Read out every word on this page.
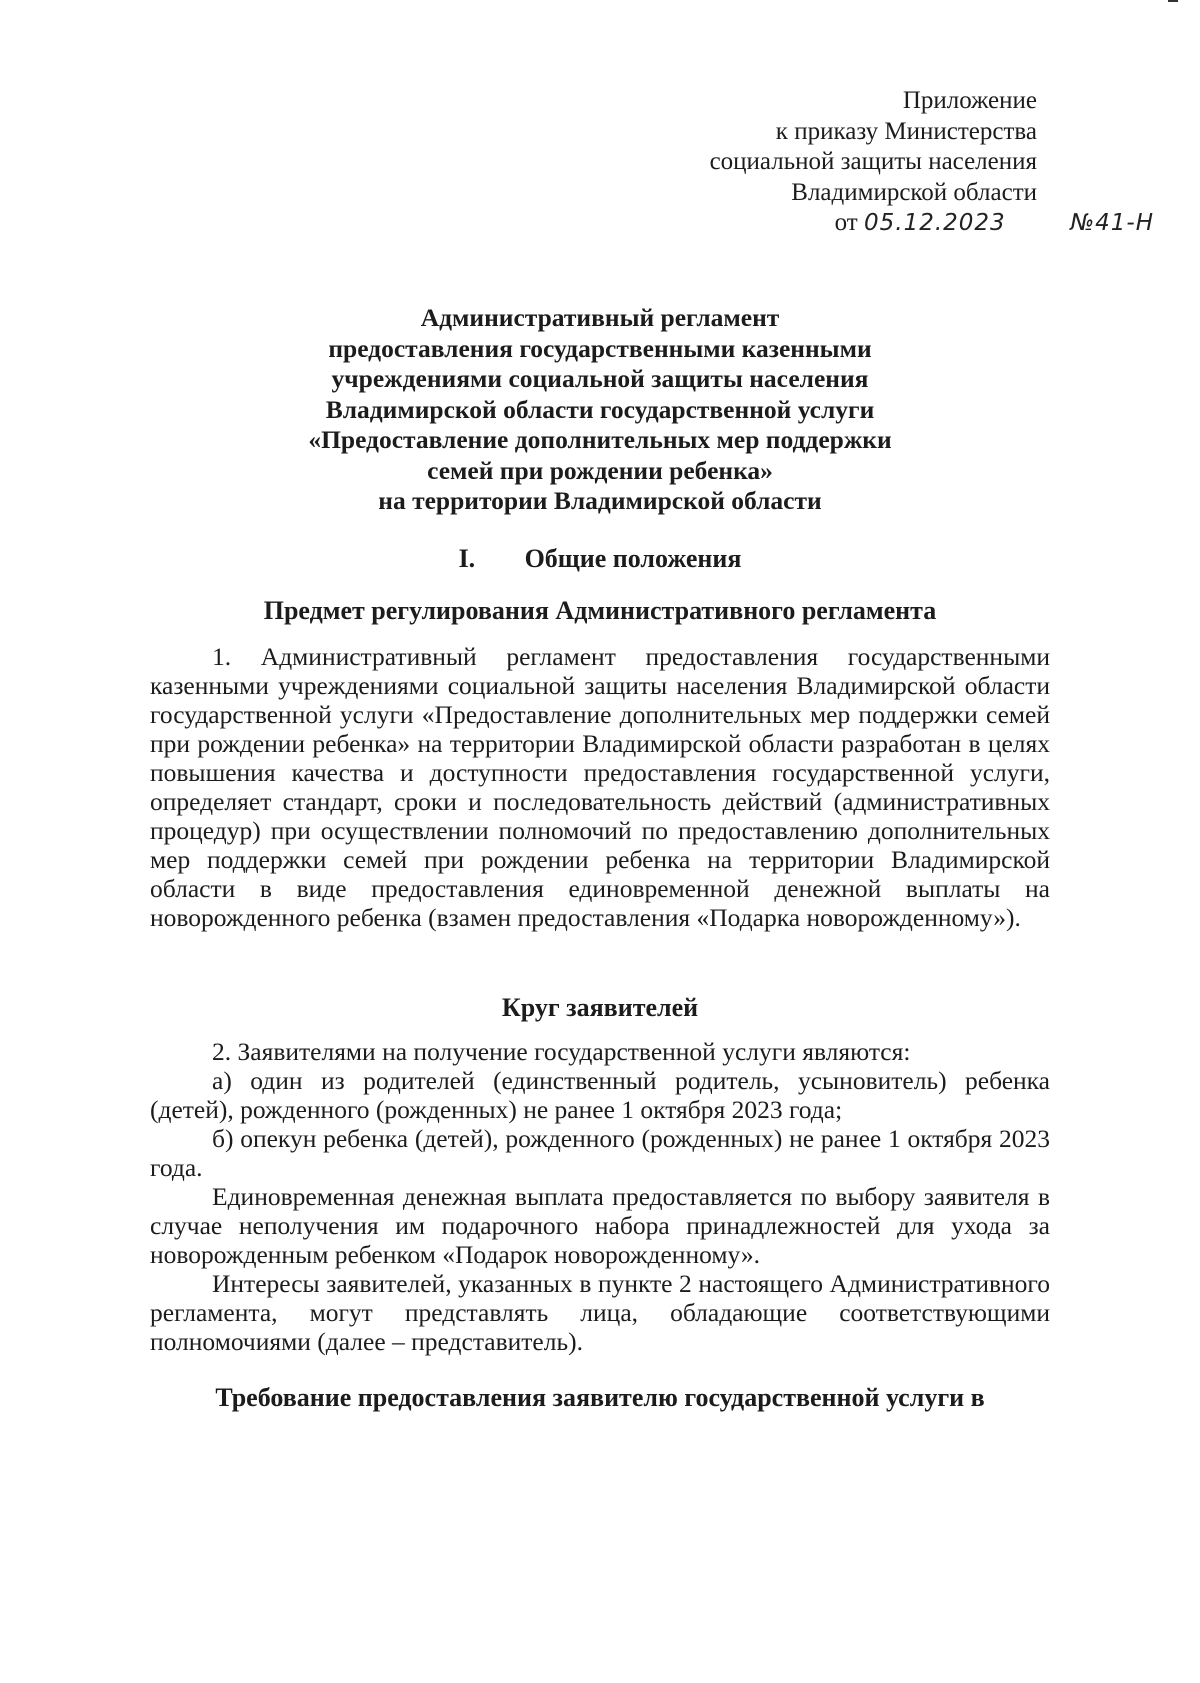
Приложение
к приказу Министерства
социальной защиты населения
Владимирской области
от 05.12.2023	№41-Н
Административный регламент
предоставления государственными казенными
учреждениями социальной защиты населения
Владимирской области государственной услуги
«Предоставление дополнительных мер поддержки
семей при рождении ребенка»
на территории Владимирской области
I. Общие положения
Предмет регулирования Административного регламента

1. Административный регламент предоставления государственными казенными учреждениями социальной защиты населения Владимирской области государственной услуги «Предоставление дополнительных мер поддержки семей при рождении ребенка» на территории Владимирской области разработан в целях повышения качества и доступности предоставления государственной услуги, определяет стандарт, сроки и последовательность действий (административных процедур) при осуществлении полномочий по предоставлению дополнительных мер поддержки семей при рождении ребенка на территории Владимирской области в виде предоставления единовременной денежной выплаты на новорожденного ребенка (взамен предоставления «Подарка новорожденному»).

Круг заявителей

2. Заявителями на получение государственной услуги являются:

а) один из родителей (единственный родитель, усыновитель) ребенка (детей), рожденного (рожденных) не ранее 1 октября 2023 года;

б) опекун ребенка (детей), рожденного (рожденных) не ранее 1 октября 2023 года.

Единовременная денежная выплата предоставляется по выбору заявителя в случае неполучения им подарочного набора принадлежностей для ухода за новорожденным ребенком «Подарок новорожденному».

Интересы заявителей, указанных в пункте 2 настоящего Административного регламента, могут представлять лица, обладающие соответствующими полномочиями (далее – представитель).

Требование предоставления заявителю государственной услуги в
